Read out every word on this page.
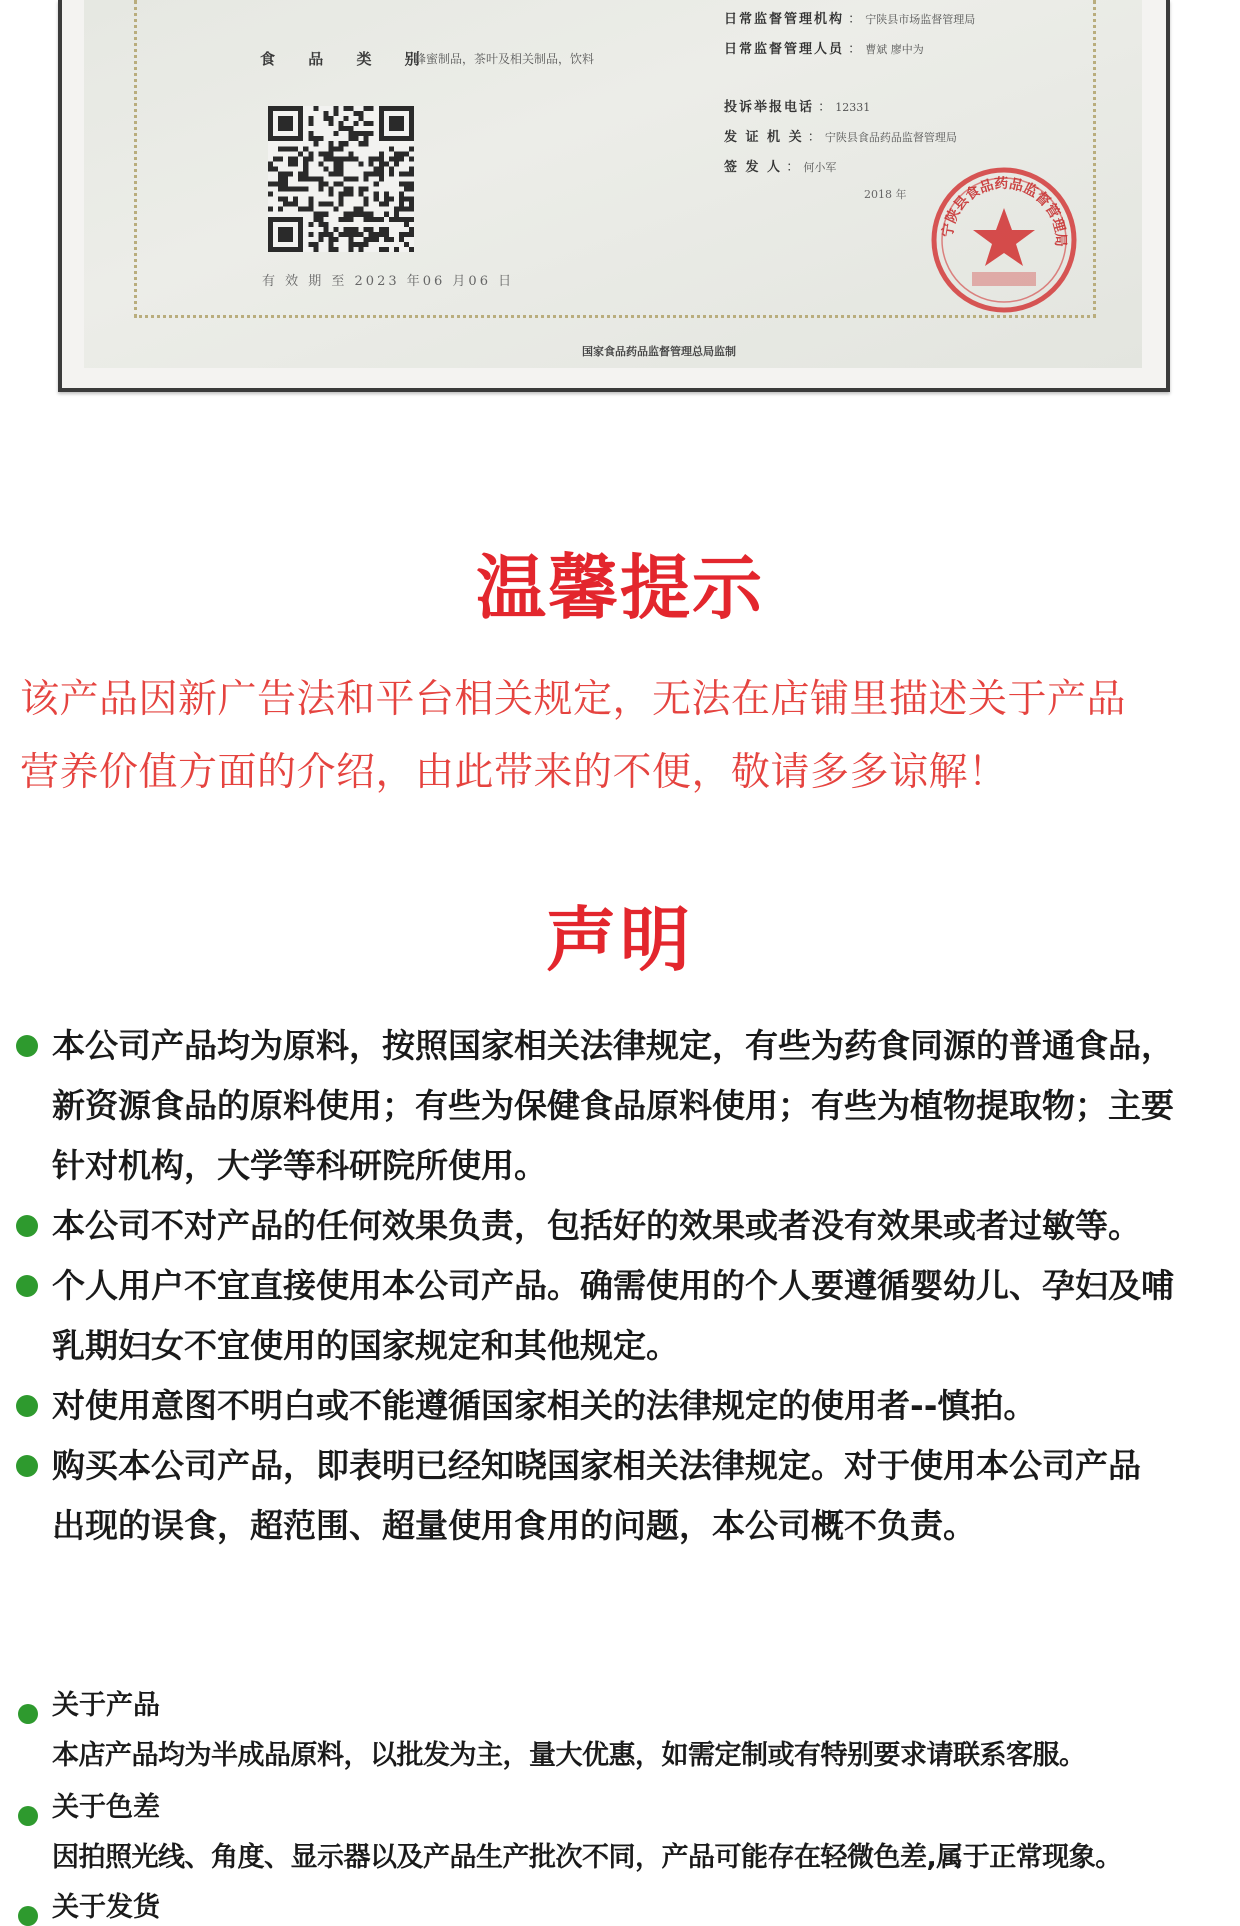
食 品 类 别
蜂蜜制品，茶叶及相关制品，饮料
日常监督管理机构 ： 宁陕县市场监督管理局
日常监督管理人员 ： 曹斌 廖中为
投诉举报电话 ： 12331
发 证 机 关 ： 宁陕县食品药品监督管理局
签 发 人 ： 何小军
2018 年
宁陕县食品药品监督管理局
有 效 期 至 2023 年06 月06 日
国家食品药品监督管理总局监制
温馨提示
该产品因新广告法和平台相关规定，无法在店铺里描述关于产品
营养价值方面的介绍，由此带来的不便，敬请多多谅解！
声明
本公司产品均为原料，按照国家相关法律规定，有些为药食同源的普通食品，
新资源食品的原料使用；有些为保健食品原料使用；有些为植物提取物；主要
针对机构，大学等科研院所使用。
本公司不对产品的任何效果负责，包括好的效果或者没有效果或者过敏等。
个人用户不宜直接使用本公司产品。确需使用的个人要遵循婴幼儿、孕妇及哺
乳期妇女不宜使用的国家规定和其他规定。
对使用意图不明白或不能遵循国家相关的法律规定的使用者--慎拍。
购买本公司产品，即表明已经知晓国家相关法律规定。对于使用本公司产品
出现的误食，超范围、超量使用食用的问题，本公司概不负责。
关于产品
本店产品均为半成品原料，以批发为主，量大优惠，如需定制或有特别要求请联系客服。
关于色差
因拍照光线、角度、显示器以及产品生产批次不同，产品可能存在轻微色差,属于正常现象。
关于发货
